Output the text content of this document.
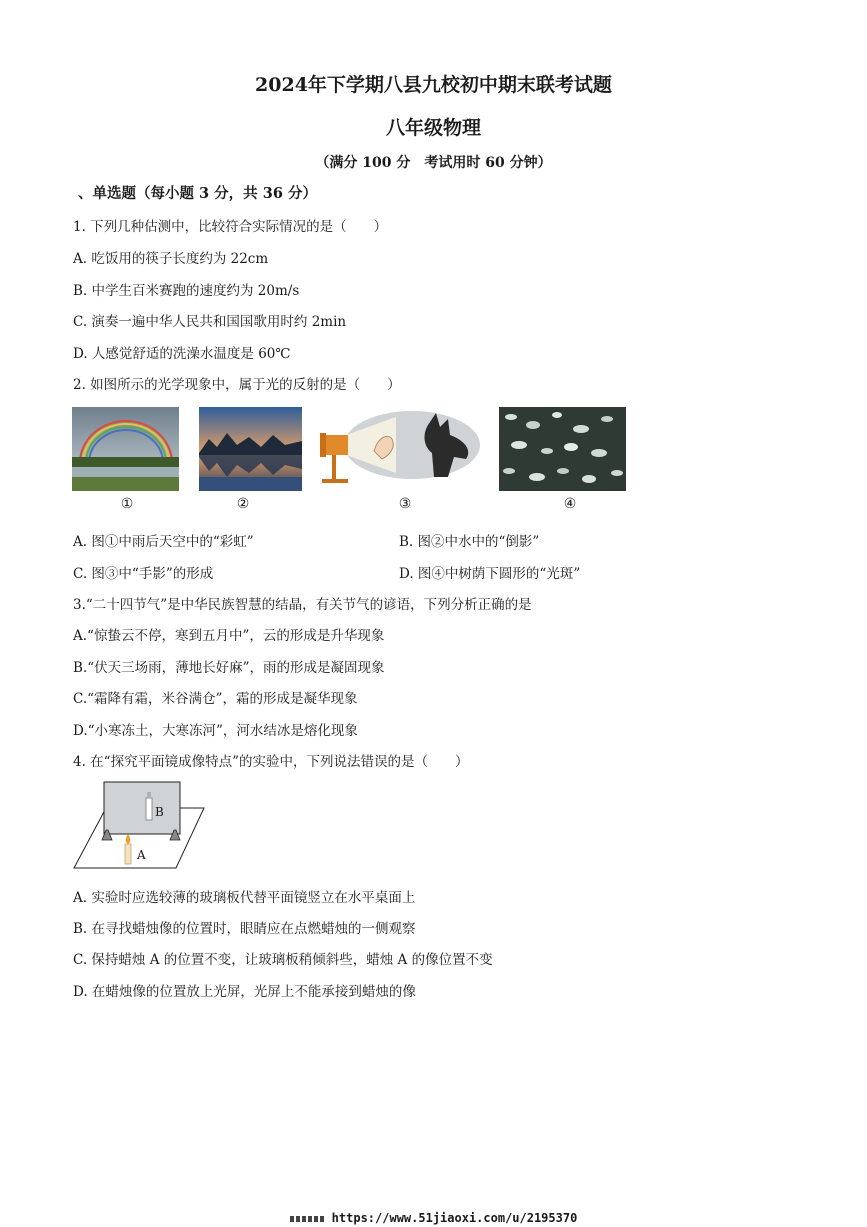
2024年下学期八县九校初中期末联考试题
八年级物理
（满分 100 分　考试用时 60 分钟）
、单选题（每小题 3 分，共 36 分）
1. 下列几种估测中，比较符合实际情况的是（　　）
A. 吃饭用的筷子长度约为 22cm
B. 中学生百米赛跑的速度约为 20m/s
C. 演奏一遍中华人民共和国国歌用时约 2min
D. 人感觉舒适的洗澡水温度是 60℃
2. 如图所示的光学现象中，属于光的反射的是（　　）
①	②	③	④
A. 图①中雨后天空中的“彩虹”	B. 图②中水中的“倒影”
C. 图③中“手影”的形成	D. 图④中树荫下圆形的“光斑”
3.“二十四节气”是中华民族智慧的结晶，有关节气的谚语，下列分析正确的是
A.“惊蛰云不停，寒到五月中”，云的形成是升华现象
B.“伏天三场雨，薄地长好麻”，雨的形成是凝固现象
C.“霜降有霜，米谷满仓”，霜的形成是凝华现象
D.“小寒冻土，大寒冻河”，河水结冰是熔化现象
4. 在“探究平面镜成像特点”的实验中，下列说法错误的是（　　）
B
A
A. 实验时应选较薄的玻璃板代替平面镜竖立在水平桌面上
B. 在寻找蜡烛像的位置时，眼睛应在点燃蜡烛的一侧观察
C. 保持蜡烛 A 的位置不变，让玻璃板稍倾斜些，蜡烛 A 的像位置不变
D. 在蜡烛像的位置放上光屏，光屏上不能承接到蜡烛的像
https://www.51jiaoxi.com/u/2195370
